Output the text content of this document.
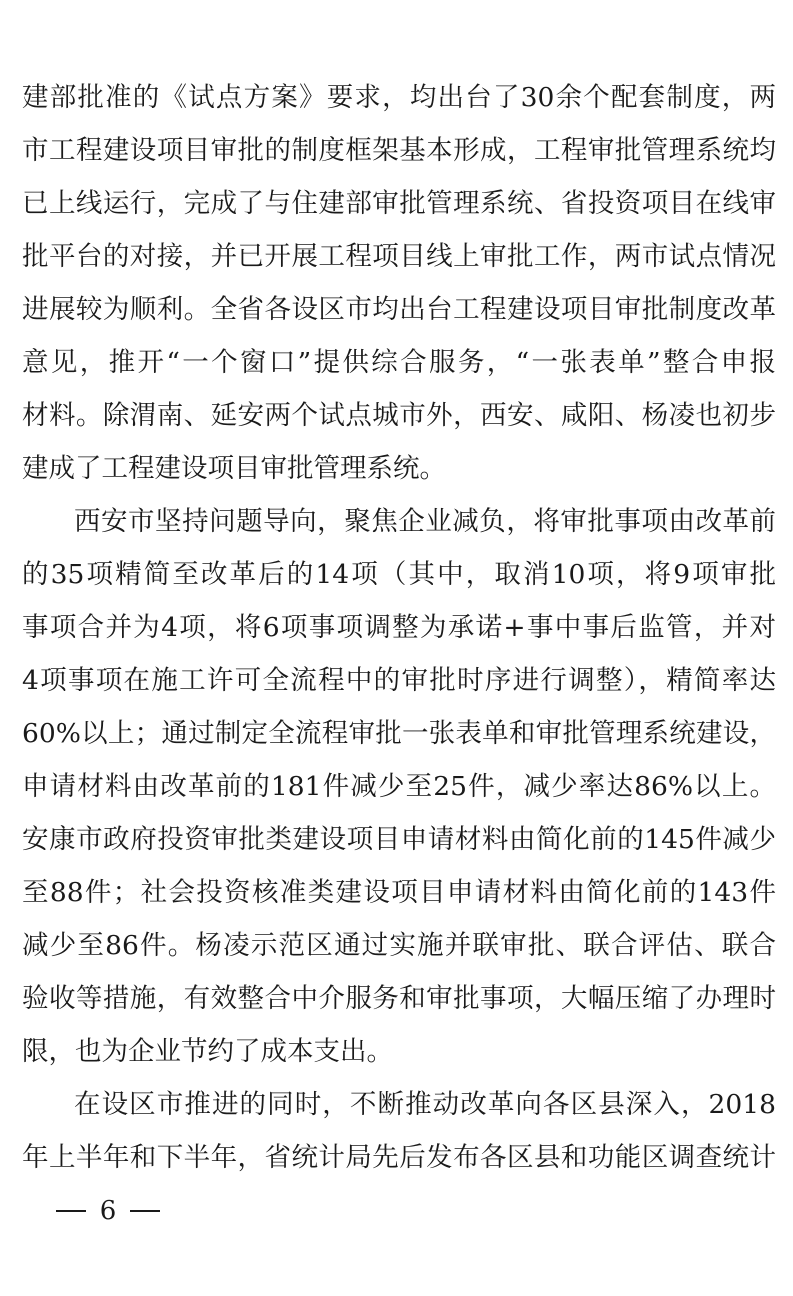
建部批准的《试点方案》要求，均出台了30余个配套制度，两
市工程建设项目审批的制度框架基本形成，工程审批管理系统均
已上线运行，完成了与住建部审批管理系统、省投资项目在线审
批平台的对接，并已开展工程项目线上审批工作，两市试点情况
进展较为顺利。全省各设区市均出台工程建设项目审批制度改革
意见，推开“一个窗口”提供综合服务，“一张表单”整合申报
材料。除渭南、延安两个试点城市外，西安、咸阳、杨凌也初步
建成了工程建设项目审批管理系统。
西安市坚持问题导向，聚焦企业减负，将审批事项由改革前
的35项精简至改革后的14项（其中，取消10项，将9项审批
事项合并为4项，将6项事项调整为承诺+事中事后监管，并对
4项事项在施工许可全流程中的审批时序进行调整），精简率达
60%以上；通过制定全流程审批一张表单和审批管理系统建设，
申请材料由改革前的181件减少至25件，减少率达86%以上。
安康市政府投资审批类建设项目申请材料由简化前的145件减少
至88件；社会投资核准类建设项目申请材料由简化前的143件
减少至86件。杨凌示范区通过实施并联审批、联合评估、联合
验收等措施，有效整合中介服务和审批事项，大幅压缩了办理时
限，也为企业节约了成本支出。
在设区市推进的同时，不断推动改革向各区县深入，2018
年上半年和下半年，省统计局先后发布各区县和功能区调查统计
6
